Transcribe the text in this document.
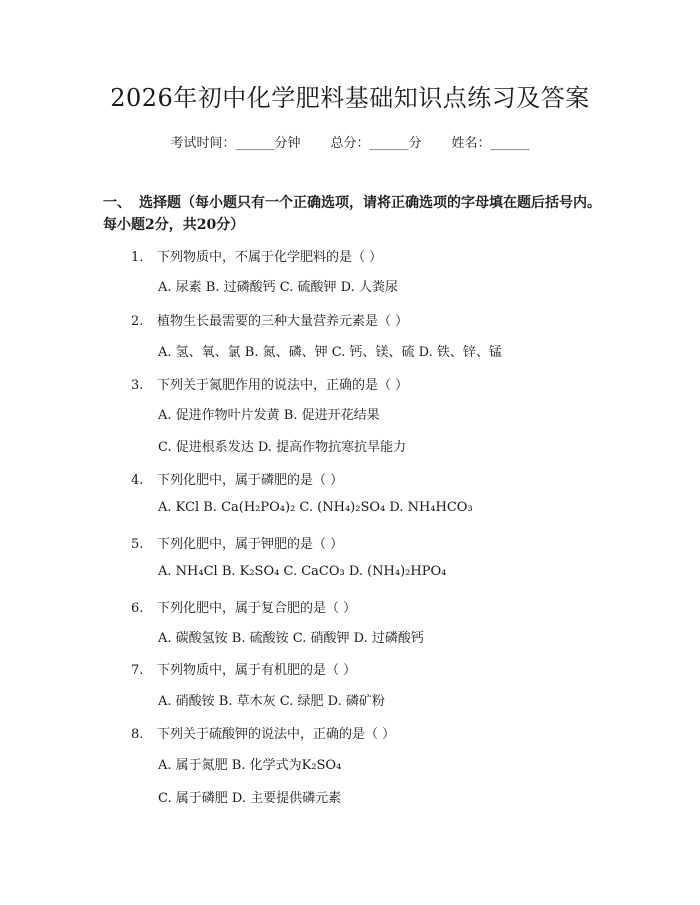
2026年初中化学肥料基础知识点练习及答案
考试时间：______分钟 总分：______分 姓名：______
一、 选择题（每小题只有一个正确选项，请将正确选项的字母填在题后括号内。每小题2分，共20分）
1. 下列物质中，不属于化学肥料的是（ ）
A. 尿素 B. 过磷酸钙 C. 硫酸钾 D. 人粪尿
2. 植物生长最需要的三种大量营养元素是（ ）
A. 氢、氧、氯 B. 氮、磷、钾 C. 钙、镁、硫 D. 铁、锌、锰
3. 下列关于氮肥作用的说法中，正确的是（ ）
A. 促进作物叶片发黄 B. 促进开花结果
C. 促进根系发达 D. 提高作物抗寒抗旱能力
4. 下列化肥中，属于磷肥的是（ ）
A. KCl B. Ca(H₂PO₄)₂ C. (NH₄)₂SO₄ D. NH₄HCO₃
5. 下列化肥中，属于钾肥的是（ ）
A. NH₄Cl B. K₂SO₄ C. CaCO₃ D. (NH₄)₂HPO₄
6. 下列化肥中，属于复合肥的是（ ）
A. 碳酸氢铵 B. 硫酸铵 C. 硝酸钾 D. 过磷酸钙
7. 下列物质中，属于有机肥的是（ ）
A. 硝酸铵 B. 草木灰 C. 绿肥 D. 磷矿粉
8. 下列关于硫酸钾的说法中，正确的是（ ）
A. 属于氮肥 B. 化学式为K₂SO₄
C. 属于磷肥 D. 主要提供磷元素
